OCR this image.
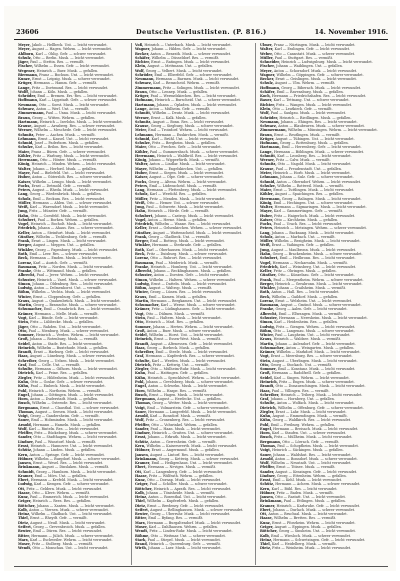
23606	Deutsche Verlustlisten. (P. 816.)	14. November 1916.
Meyer, Jakob — Hellbeck. Unt. — leicht verwundet.
Meyer, August — Hagen. Wehrm. — leicht verwundet.
Ahlborn, Karl — Ohlig. Gefr. — schwer verwundet.
Schulz, Otto — Berlin. Musk. — leicht verwundet.
Jäger, Paul — Stettin. Res. — vermißt.
Fischer, Wilhelm — Essen. Gefr. — leicht verwundet.
Wegener, Heinrich — Buer. Musk. — gefallen.
Biermann, Franz — Bochum. Unt. — leicht verwundet.
Kunze, Ernst — Leipzig. Musk. — schwer verwundet.
Krüger, Hermann — Hamm. Gefr. — vermißt.
Lange, Fritz — Dortmund. Res. — leicht verwundet.
Wolff, Johann — Köln. Musk. — gefallen.
Schröder, Emil — Bremen. Ers.-Res. — leicht verwundet.
Hoffmann, Karl — Lippstadt. Gefr. — schwer verwundet.
Neumann, Otto — Soest. Musk. — leicht verwundet.
Schwarz, Anton — Werl. Unt. — vermißt.
Zimmermann, Paul — Unna. Musk. — leicht verwundet.
Braun, Georg — Witten. Wehrm. — gefallen.
Hartmann, Heinrich — Iserlohn. Musk. — leicht verwundet.
Krause, August — Arnsberg. Res. — schwer verwundet.
Werner, Wilhelm — Meschede. Gefr. — leicht verwundet.
Schmitz, Peter — Aachen. Musk. — vermißt.
Lehmann, Ernst — Kassel. Unt. — leicht verwundet.
Schmid, Josef — Paderborn. Musk. — gefallen.
Schulze, Karl — Brilon. Res. — leicht verwundet.
Maier, Franz — Büren. Gefr. — schwer verwundet.
Köhler, Fritz — Warburg. Musk. — leicht verwundet.
Herrmann, Otto — Höxter. Musk. — vermißt.
König, Heinrich — Minden. Wehrm. — leicht verwundet.
Walter, Johann — Herford. Musk. — gefallen.
Mayer, Paul — Bielefeld. Unt. — leicht verwundet.
Huber, Anton — Gütersloh. Res. — schwer verwundet.
Kaiser, Wilhelm — Lemgo. Musk. — leicht verwundet.
Fuchs, Ernst — Detmold. Gefr. — vermißt.
Peters, August — Rheda. Musk. — leicht verwundet.
Lang, Georg — Wiedenbrück. Musk. — gefallen.
Scholz, Emil — Beckum. Res. — leicht verwundet.
Möller, Hermann — Ahlen. Unt. — schwer verwundet.
Weiß, Karl — Warendorf. Musk. — leicht verwundet.
Jung, Fritz — Münster. Gefr. — vermißt.
Hahn, Otto — Coesfeld. Musk. — leicht verwundet.
Schubert, Paul — Borken. Wehrm. — gefallen.
Vogel, Heinrich — Bocholt. Musk. — leicht verwundet.
Friedrich, Johann — Ahaus. Res. — schwer verwundet.
Keller, Anton — Steinfurt. Musk. — leicht verwundet.
Günther, Wilhelm — Tecklenburg. Gefr. — vermißt.
Frank, Ernst — Lingen. Musk. — leicht verwundet.
Berger, August — Meppen. Unt. — gefallen.
Winkler, Georg — Papenburg. Musk. — leicht verwundet.
Roth, Emil — Leer. Res. — schwer verwundet.
Beck, Hermann — Emden. Musk. — leicht verwundet.
Lorenz, Karl — Aurich. Gefr. — vermißt.
Baumann, Fritz — Norden. Musk. — leicht verwundet.
Franke, Otto — Wittmund. Musk. — gefallen.
Albrecht, Paul — Jever. Wehrm. — leicht verwundet.
Schuster, Heinrich — Varel. Musk. — schwer verwundet.
Simon, Johann — Oldenburg. Res. — leicht verwundet.
Ludwig, Anton — Delmenhorst. Unt. — vermißt.
Böhm, Wilhelm — Vechta. Musk. — leicht verwundet.
Winter, Ernst — Cloppenburg. Gefr. — gefallen.
Kraus, August — Quakenbrück. Musk. — leicht verwundet.
Martin, Georg — Bramsche. Musk. — schwer verwundet.
Schumacher, Emil — Osnabrück. Res. — leicht verwundet.
Krämer, Hermann — Melle. Musk. — vermißt.
Vogt, Karl — Bünde. Gefr. — leicht verwundet.
Stein, Fritz — Lübbecke. Musk. — gefallen.
Jäger, Otto — Rahden. Unt. — leicht verwundet.
Otto, Paul — Nienburg. Musk. — schwer verwundet.
Sommer, Heinrich — Verden. Wehrm. — leicht verwundet.
Groß, Johann — Rotenburg. Musk. — vermißt.
Seidel, Anton — Stade. Res. — leicht verwundet.
Heinrich, Wilhelm — Buxtehude. Musk. — gefallen.
Brandt, Ernst — Harburg. Gefr. — leicht verwundet.
Haas, August — Lüneburg. Musk. — schwer verwundet.
Schreiber, Georg — Uelzen. Musk. — leicht verwundet.
Graf, Emil — Celle. Unt. — vermißt.
Schulte, Hermann — Gifhorn. Musk. — leicht verwundet.
Dietrich, Karl — Peine. Res. — gefallen.
Ziegler, Fritz — Hildesheim. Musk. — leicht verwundet.
Kuhn, Otto — Goslar. Gefr. — schwer verwundet.
Kühn, Paul — Einbeck. Musk. — leicht verwundet.
Pohl, Heinrich — Northeim. Wehrm. — vermißt.
Engel, Johann — Göttingen. Musk. — leicht verwundet.
Horn, Anton — Duderstadt. Musk. — gefallen.
Busch, Wilhelm — Osterode. Res. — leicht verwundet.
Bergmann, Ernst — Clausthal. Unt. — schwer verwundet.
Thomas, August — Seesen. Musk. — leicht verwundet.
Voigt, Georg — Gandersheim. Gefr. — vermißt.
Sauer, Emil — Holzminden. Musk. — leicht verwundet.
Arnold, Hermann — Hameln. Musk. — gefallen.
Wolf, Karl — Rinteln. Res. — leicht verwundet.
Pfeiffer, Fritz — Bückeburg. Musk. — schwer verwundet.
Sander, Otto — Stadthagen. Wehrm. — leicht verwundet.
Lindner, Paul — Wunstorf. Musk. — vermißt.
Ernst, Heinrich — Hannover. Unt. — leicht verwundet.
Schütz, Johann — Linden. Musk. — gefallen.
Kern, Anton — Springe. Gefr. — leicht verwundet.
Hübner, Wilhelm — Burgdorf. Musk. — schwer verwundet.
Jansen, Ernst — Wesel. Res. — leicht verwundet.
Brinkmann, August — Dinslaken. Musk. — vermißt.
Schmidt, Georg — Hamborn. Musk. — leicht verwundet.
Kramer, Emil — Mörs. Unt. — gefallen.
Ebert, Hermann — Krefeld. Musk. — leicht verwundet.
Ludwig, Karl — Kempen. Gefr. — schwer verwundet.
Ott, Fritz — Geldern. Musk. — leicht verwundet.
Haase, Otto — Kleve. Wehrm. — vermißt.
Kunz, Paul — Emmerich. Musk. — leicht verwundet.
Geiger, Heinrich — Rees. Res. — gefallen.
Böttcher, Johann — Xanten. Musk. — leicht verwundet.
Kolb, Anton — Viersen. Musk. — schwer verwundet.
Heinz, Wilhelm — Gladbach. Unt. — leicht verwundet.
Thiel, Ernst — Rheydt. Gefr. — vermißt.
Dietz, August — Neuß. Musk. — leicht verwundet.
Seifert, Georg — Grevenbroich. Musk. — gefallen.
Reuter, Emil — Düren. Res. — leicht verwundet.
Ritter, Hermann — Jülich. Musk. — schwer verwundet.
Marx, Karl — Eschweiler. Wehrm. — leicht verwundet.
Moser, Fritz — Stolberg. Musk. — vermißt.
Wendt, Otto — Monschau. Unt. — leicht verwundet.
Voß, Heinrich — Unterbach. Musk. — leicht verwundet.
Wagner, Johann — Hilden. Gefr. — leicht verwundet.
Becker, Anton — Benrath. Musk. — schwer verwundet.
Schäfer, Wilhelm — Düsseldorf. Res. — vermißt.
Richter, Ernst — Ratingen. Musk. — leicht verwundet.
Klein, August — Mettmann. Unt. — gefallen.
Wolf, Georg — Velbert. Musk. — leicht verwundet.
Schröder, Emil — Elberfeld. Gefr. — schwer verwundet.
Neumann, Hermann — Barmen. Musk. — leicht verwundet.
Schwarz, Karl — Remscheid. Wehrm. — vermißt.
Zimmermann, Fritz — Solingen. Musk. — leicht verwundet.
Braun, Otto — Lennep. Musk. — gefallen.
Krüger, Paul — Wermelskirchen. Res. — leicht verwundet.
Hofmann, Heinrich — Burscheid. Unt. — schwer verwundet.
Hartmann, Johann — Opladen. Musk. — leicht verwundet.
Lange, Anton — Mülheim. Gefr. — vermißt.
Schmitt, Wilhelm — Deutz. Musk. — leicht verwundet.
Werner, Ernst — Kalk. Musk. — gefallen.
Schmitz, August — Bonn. Res. — leicht verwundet.
Krause, Georg — Siegburg. Musk. — schwer verwundet.
Meier, Emil — Troisdorf. Wehrm. — leicht verwundet.
Lehmann, Hermann — Euskirchen. Musk. — vermißt.
Schmid, Karl — Brühl. Unt. — leicht verwundet.
Schulze, Fritz — Bergheim. Musk. — gefallen.
Maier, Otto — Frechen. Gefr. — leicht verwundet.
Köhler, Paul — Gummersbach. Musk. — schwer verwundet.
Herrmann, Heinrich — Waldbröl. Res. — leicht verwundet.
König, Johann — Wipperfürth. Musk. — vermißt.
Walter, Anton — Lindlar. Musk. — leicht verwundet.
Mayer, Wilhelm — Engelskirchen. Unt. — gefallen.
Huber, Ernst — Siegen. Musk. — leicht verwundet.
Kaiser, August — Olpe. Gefr. — schwer verwundet.
Fuchs, Georg — Altena. Wehrm. — leicht verwundet.
Peters, Emil — Lüdenscheid. Musk. — vermißt.
Lang, Hermann — Plettenberg. Musk. — leicht verwundet.
Scholz, Karl — Werdohl. Res. — gefallen.
Möller, Fritz — Menden. Musk. — leicht verwundet.
Weiß, Otto — Hemer. Unt. — schwer verwundet.
Jung, Paul — Schwerte. Musk. — leicht verwundet.
Hahn, Heinrich — Hörde. Gefr. — vermißt.
Schubert, Johann — Castrop. Musk. — leicht verwundet.
Vogel, Anton — Herne. Musk. — gefallen.
Friedrich, Wilhelm — Wanne. Res. — leicht verwundet.
Keller, Ernst — Gelsenkirchen. Wehrm. — schwer verwundet.
Günther, August — Wattenscheid. Musk. — leicht verwundet.
Frank, Georg — Gladbeck. Unt. — vermißt.
Berger, Emil — Bottrop. Musk. — leicht verwundet.
Winkler, Hermann — Sterkrade. Gefr. — gefallen.
Roth, Karl — Oberhausen. Musk. — leicht verwundet.
Beck, Fritz — Duisburg. Musk. — schwer verwundet.
Lorenz, Otto — Ruhrort. Res. — leicht verwundet.
Baumann, Paul — Meiderich. Musk. — vermißt.
Franke, Heinrich — Homberg. Unt. — leicht verwundet.
Albrecht, Johann — Recklinghausen. Musk. — gefallen.
Schuster, Anton — Dorsten. Gefr. — leicht verwundet.
Simon, Wilhelm — Haltern. Wehrm. — schwer verwundet.
Ludwig, Ernst — Datteln. Musk. — leicht verwundet.
Böhm, August — Waltrop. Musk. — vermißt.
Winter, Georg — Lünen. Res. — leicht verwundet.
Kraus, Emil — Kamen. Musk. — gefallen.
Martin, Hermann — Bergkamen. Unt. — leicht verwundet.
Schumacher, Karl — Werne. Musk. — schwer verwundet.
Krämer, Fritz — Lüdinghausen. Gefr. — leicht verwundet.
Vogt, Otto — Dülmen. Musk. — vermißt.
Stein, Paul — Haltern. Musk. — leicht verwundet.
Otto, Heinrich — Marl. Res. — gefallen.
Sommer, Johann — Herten. Wehrm. — leicht verwundet.
Groß, Anton — Buer. Musk. — schwer verwundet.
Seidel, Wilhelm — Horst. Unt. — leicht verwundet.
Heinrich, Ernst — Essen-West. Musk. — vermißt.
Brandt, August — Altenessen. Gefr. — leicht verwundet.
Haas, Georg — Borbeck. Musk. — gefallen.
Schreiber, Emil — Steele. Musk. — leicht verwundet.
Graf, Hermann — Kupferdreh. Res. — schwer verwundet.
Schulte, Karl — Werden. Musk. — leicht verwundet.
Dietrich, Fritz — Kettwig. Unt. — vermißt.
Ziegler, Otto — Mülheim-Ruhr. Musk. — leicht verwundet.
Kuhn, Paul — Hattingen. Gefr. — gefallen.
Kühn, Heinrich — Sprockhövel. Wehrm. — leicht verwundet.
Pohl, Johann — Gevelsberg. Musk. — schwer verwundet.
Engel, Anton — Schwelm. Musk. — leicht verwundet.
Horn, Wilhelm — Haspe. Res. — vermißt.
Busch, Ernst — Hagen. Musk. — leicht verwundet.
Bergmann, August — Herdecke. Unt. — gefallen.
Thomas, Georg — Wetter. Musk. — leicht verwundet.
Voigt, Emil — Volmarstein. Gefr. — schwer verwundet.
Sauer, Hermann — Langerfeld. Musk. — leicht verwundet.
Arnold, Karl — Ronsdorf. Musk. — vermißt.
Wolf, Fritz — Cronenberg. Res. — leicht verwundet.
Pfeiffer, Otto — Vohwinkel. Wehrm. — gefallen.
Sander, Paul — Haan. Musk. — leicht verwundet.
Lindner, Heinrich — Gruiten. Unt. — schwer verwundet.
Ernst, Johann — Erkrath. Musk. — leicht verwundet.
Schütz, Anton — Gerresheim. Gefr. — vermißt.
Kern, Wilhelm — Kaiserswerth. Musk. — leicht verwundet.
Hübner, Ernst — Angermund. Musk. — gefallen.
Jansen, August — Lintorf. Res. — leicht verwundet.
Brinkmann, Georg — Kettwig. Musk. — schwer verwundet.
Kramer, Emil — Heiligenhaus. Unt. — leicht verwundet.
Ebert, Hermann — Neviges. Musk. — vermißt.
Ott, Karl — Langenberg. Gefr. — leicht verwundet.
Haase, Fritz — Wülfrath. Wehrm. — gefallen.
Kunz, Otto — Dornap. Musk. — leicht verwundet.
Geiger, Paul — Schöller. Musk. — schwer verwundet.
Böttcher, Heinrich — Aprath. Res. — leicht verwundet.
Kolb, Johann — Tönisheide. Musk. — vermißt.
Heinz, Anton — Rosenthal. Unt. — leicht verwundet.
Thiel, Wilhelm — Kupferdreh. Musk. — gefallen.
Dietz, Ernst — Bredeney. Gefr. — leicht verwundet.
Seifert, August — Rellinghausen. Musk. — schwer verwundet.
Reuter, Georg — Überruhr. Musk. — leicht verwundet.
Ritter, Emil — Byfang. Res. — vermißt.
Marx, Hermann — Burgaltendorf. Musk. — leicht verwundet.
Moser, Karl — Dahlhausen. Wehrm. — gefallen.
Wendt, Fritz — Linden-Ruhr. Musk. — leicht verwundet.
Böhme, Otto — Weitmar. Unt. — schwer verwundet.
Stark, Paul — Stiepel. Musk. — leicht verwundet.
Brand, Heinrich — Querenburg. Gefr. — vermißt.
Wirth, Johann — Laer. Musk. — leicht verwundet.
Ulmer, Franz — Nürtingen. Musk. — leicht verwundet.
Walter, Karl — Esslingen. Gefr. — leicht verwundet.
Weber, Otto — Cannstatt. Musk. — schwer verwundet.
Müller, Paul — Stuttgart. Res. — vermißt.
Schneider, Heinrich — Ludwigsburg. Musk. — leicht verwundet.
Fischer, Johann — Waiblingen. Unt. — gefallen.
Meyer, Anton — Schorndorf. Musk. — leicht verwundet.
Wagner, Wilhelm — Göppingen. Gefr. — schwer verwundet.
Becker, Ernst — Geislingen. Musk. — leicht verwundet.
Schulz, August — Ulm. Wehrm. — vermißt.
Hoffmann, Georg — Biberach. Musk. — leicht verwundet.
Schäfer, Emil — Ravensburg. Musk. — gefallen.
Koch, Hermann — Friedrichshafen. Res. — leicht verwundet.
Bauer, Karl — Tettnang. Unt. — schwer verwundet.
Richter, Fritz — Wangen. Musk. — leicht verwundet.
Klein, Otto — Leutkirch. Gefr. — vermißt.
Wolf, Paul — Saulgau. Musk. — leicht verwundet.
Schröder, Heinrich — Riedlingen. Musk. — gefallen.
Neumann, Johann — Ehingen. Res. — leicht verwundet.
Schwarz, Anton — Blaubeuren. Musk. — schwer verwundet.
Zimmermann, Wilhelm — Münsingen. Wehrm. — leicht verwundet.
Braun, Ernst — Reutlingen. Musk. — vermißt.
Krüger, August — Tübingen. Unt. — leicht verwundet.
Hofmann, Georg — Rottenburg. Musk. — gefallen.
Hartmann, Emil — Herrenberg. Gefr. — leicht verwundet.
Lange, Hermann — Böblingen. Musk. — schwer verwundet.
Schmitt, Karl — Leonberg. Res. — leicht verwundet.
Werner, Fritz — Calw. Musk. — vermißt.
Schmitz, Otto — Nagold. Musk. — leicht verwundet.
Krause, Paul — Freudenstadt. Unt. — gefallen.
Meier, Heinrich — Horb. Musk. — leicht verwundet.
Lehmann, Johann — Sulz. Gefr. — schwer verwundet.
Schmid, Anton — Oberndorf. Wehrm. — leicht verwundet.
Schulze, Wilhelm — Rottweil. Musk. — vermißt.
Maier, Ernst — Tuttlingen. Musk. — leicht verwundet.
Köhler, August — Spaichingen. Res. — gefallen.
Herrmann, Georg — Balingen. Musk. — leicht verwundet.
König, Emil — Hechingen. Unt. — schwer verwundet.
Walter, Hermann — Sigmaringen. Musk. — leicht verwundet.
Mayer, Karl — Gammertingen. Gefr. — vermißt.
Huber, Fritz — Haigerloch. Musk. — leicht verwundet.
Kaiser, Otto — Kirchheim. Musk. — gefallen.
Fuchs, Paul — Urach. Res. — leicht verwundet.
Peters, Heinrich — Metzingen. Wehrm. — schwer verwundet.
Lang, Johann — Backnang. Musk. — leicht verwundet.
Scholz, Anton — Marbach. Unt. — vermißt.
Möller, Wilhelm — Besigheim. Musk. — leicht verwundet.
Weiß, Ernst — Vaihingen. Gefr. — gefallen.
Jung, August — Maulbronn. Musk. — leicht verwundet.
Hahn, Georg — Brackenheim. Musk. — schwer verwundet.
Schubert, Emil — Heilbronn. Res. — leicht verwundet.
Vogel, Hermann — Neckarsulm. Musk. — vermißt.
Friedrich, Karl — Weinsberg. Unt. — leicht verwundet.
Keller, Fritz — Öhringen. Musk. — gefallen.
Günther, Otto — Künzelsau. Gefr. — leicht verwundet.
Frank, Paul — Mergentheim. Wehrm. — schwer verwundet.
Berger, Heinrich — Gerabronn. Musk. — leicht verwundet.
Winkler, Johann — Crailsheim. Musk. — vermißt.
Roth, Anton — Hall. Res. — leicht verwundet.
Beck, Wilhelm — Gaildorf. Musk. — gefallen.
Lorenz, Ernst — Welzheim. Unt. — leicht verwundet.
Baumann, August — Gmünd. Musk. — schwer verwundet.
Franke, Georg — Aalen. Gefr. — leicht verwundet.
Albrecht, Emil — Ellwangen. Musk. — vermißt.
Schuster, Hermann — Neresheim. Musk. — leicht verwundet.
Simon, Karl — Heidenheim. Res. — gefallen.
Ludwig, Fritz — Giengen. Wehrm. — leicht verwundet.
Böhm, Otto — Langenau. Musk. — schwer verwundet.
Winter, Paul — Laupheim. Unt. — leicht verwundet.
Kraus, Heinrich — Waldsee. Musk. — vermißt.
Martin, Johann — Aulendorf. Gefr. — leicht verwundet.
Schumacher, Anton — Weingarten. Musk. — gefallen.
Krämer, Wilhelm — Markdorf. Musk. — leicht verwundet.
Vogt, Ernst — Meersburg. Res. — schwer verwundet.
Stein, August — Überlingen. Musk. — leicht verwundet.
Otto, Georg — Stockach. Unt. — vermißt.
Sommer, Emil — Konstanz. Musk. — leicht verwundet.
Groß, Hermann — Radolfzell. Gefr. — gefallen.
Seidel, Karl — Singen. Wehrm. — leicht verwundet.
Heinrich, Fritz — Engen. Musk. — schwer verwundet.
Brandt, Otto — Donaueschingen. Musk. — leicht verwundet.
Haas, Paul — Villingen. Res. — vermißt.
Schreiber, Heinrich — Triberg. Musk. — leicht verwundet.
Graf, Johann — Hornberg. Unt. — gefallen.
Schulte, Anton — Wolfach. Musk. — leicht verwundet.
Dietrich, Wilhelm — Offenburg. Gefr. — schwer verwundet.
Ziegler, Ernst — Lahr. Musk. — leicht verwundet.
Kuhn, August — Emmendingen. Musk. — vermißt.
Kühn, Georg — Waldkirch. Res. — leicht verwundet.
Pohl, Emil — Freiburg. Wehrm. — gefallen.
Engel, Hermann — Breisach. Musk. — leicht verwundet.
Horn, Karl — Staufen. Unt. — schwer verwundet.
Busch, Fritz — Müllheim. Musk. — leicht verwundet.
Bergmann, Otto — Lörrach. Gefr. — vermißt.
Thomas, Paul — Schopfheim. Musk. — leicht verwundet.
Voigt, Heinrich — Säckingen. Musk. — gefallen.
Sauer, Johann — Waldshut. Res. — leicht verwundet.
Arnold, Anton — Bonndorf. Musk. — schwer verwundet.
Wolf, Wilhelm — Neustadt. Unt. — leicht verwundet.
Pfeiffer, Ernst — Titisee. Musk. — vermißt.
Sander, August — Kenzingen. Gefr. — leicht verwundet.
Lindner, Georg — Ettenheim. Wehrm. — gefallen.
Ernst, Emil — Kehl. Musk. — leicht verwundet.
Schütz, Hermann — Achern. Musk. — schwer verwundet.
Kern, Karl — Bühl. Res. — leicht verwundet.
Hübner, Fritz — Baden. Musk. — vermißt.
Jansen, Otto — Rastatt. Unt. — leicht verwundet.
Brinkmann, Paul — Ettlingen. Musk. — gefallen.
Kramer, Heinrich — Karlsruhe. Gefr. — leicht verwundet.
Ebert, Johann — Durlach. Musk. — schwer verwundet.
Ott, Anton — Bruchsal. Musk. — leicht verwundet.
Haase, Wilhelm — Bretten. Res. — vermißt.
Kunz, Ernst — Pforzheim. Wehrm. — leicht verwundet.
Geiger, August — Eppingen. Musk. — gefallen.
Böttcher, Georg — Sinsheim. Unt. — leicht verwundet.
Kolb, Emil — Wiesloch. Musk. — schwer verwundet.
Heinz, Hermann — Schwetzingen. Gefr. — leicht verwundet.
Thiel, Karl — Heidelberg. Musk. — vermißt.
Dietz, Fritz — Weinheim. Musk. — leicht verwundet.
